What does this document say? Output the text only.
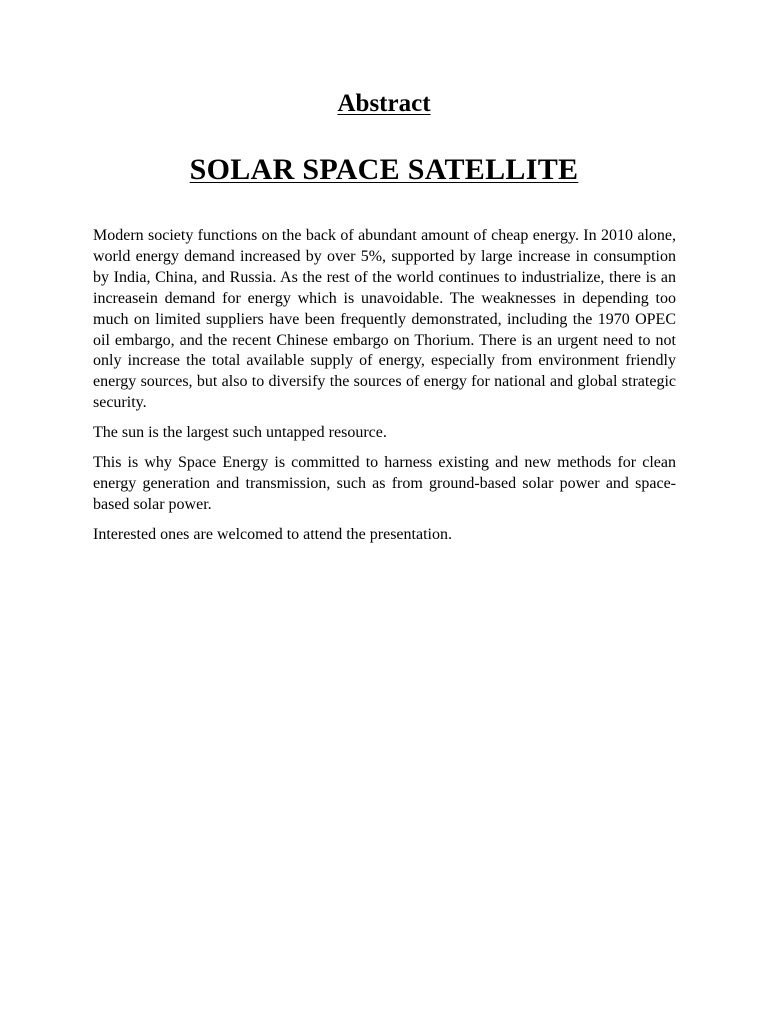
Abstract
SOLAR SPACE SATELLITE

Modern society functions on the back of abundant amount of cheap energy. In 2010 alone, world energy demand increased by over 5%, supported by large increase in consumption by India, China, and Russia. As the rest of the world continues to industrialize, there is an increasein demand for energy which is unavoidable. The weaknesses in depending too much on limited suppliers have been frequently demonstrated, including the 1970 OPEC oil embargo, and the recent Chinese embargo on Thorium. There is an urgent need to not only increase the total available supply of energy, especially from environment friendly energy sources, but also to diversify the sources of energy for national and global strategic security.

The sun is the largest such untapped resource.

This is why Space Energy is committed to harness existing and new methods for clean energy generation and transmission, such as from ground-based solar power and space-based solar power.

Interested ones are welcomed to attend the presentation.
